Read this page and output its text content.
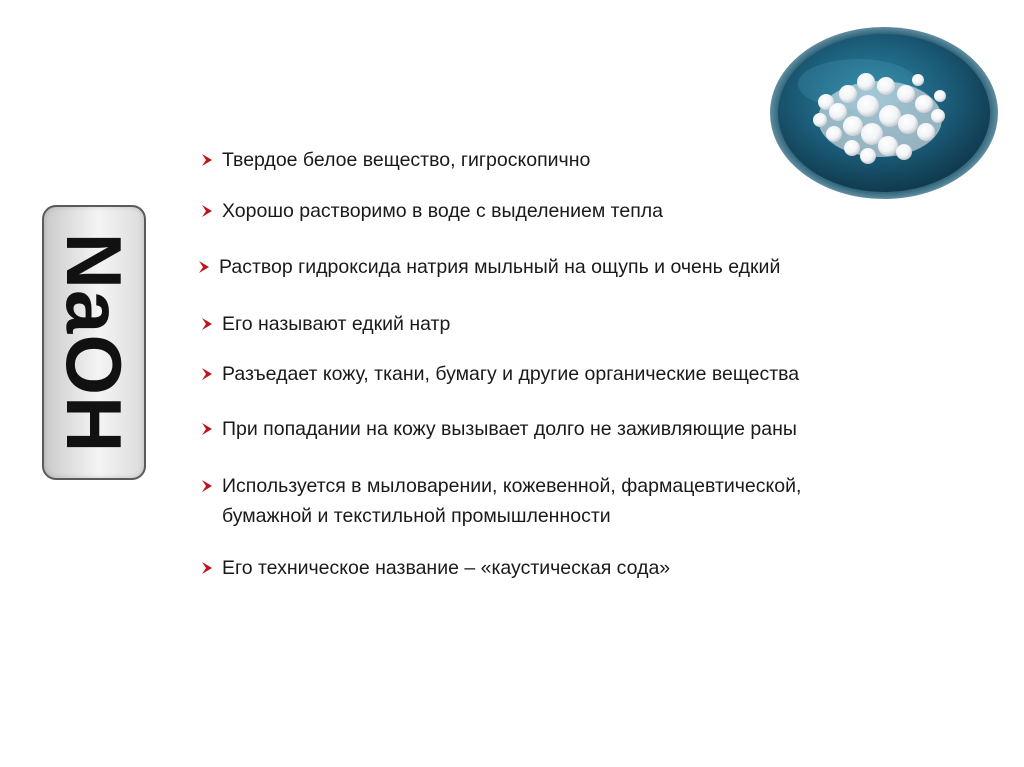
NaOH
Твердое белое вещество, гигроскопично
Хорошо растворимо в воде с выделением тепла
Раствор гидроксида натрия мыльный на ощупь и очень едкий
Его называют едкий натр
Разъедает кожу, ткани, бумагу и другие органические вещества
При попадании на кожу вызывает долго не заживляющие раны
Используется в мыловарении, кожевенной, фармацевтической,
бумажной и текстильной промышленности
Его техническое название – «каустическая сода»
